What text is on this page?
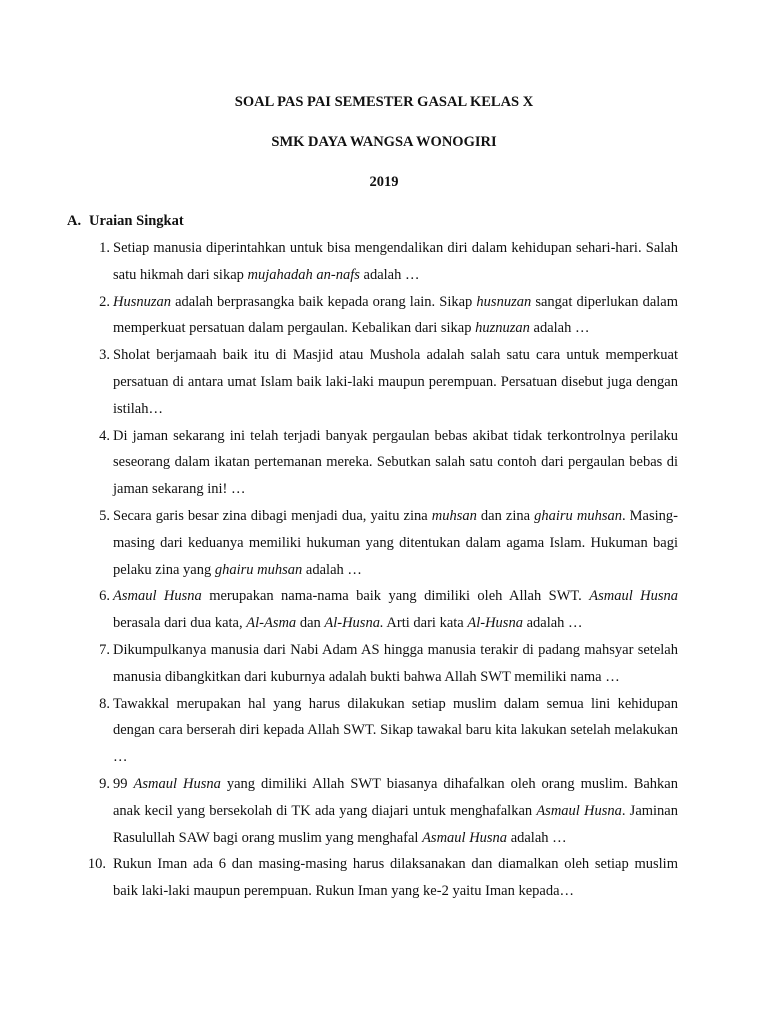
SOAL PAS PAI SEMESTER GASAL KELAS X
SMK DAYA WANGSA WONOGIRI
2019
A. Uraian Singkat
1. Setiap manusia diperintahkan untuk bisa mengendalikan diri dalam kehidupan sehari-hari. Salah satu hikmah dari sikap mujahadah an-nafs adalah …
2. Husnuzan adalah berprasangka baik kepada orang lain. Sikap husnuzan sangat diperlukan dalam memperkuat persatuan dalam pergaulan. Kebalikan dari sikap huznuzan adalah …
3. Sholat berjamaah baik itu di Masjid atau Mushola adalah salah satu cara untuk memperkuat persatuan di antara umat Islam baik laki-laki maupun perempuan. Persatuan disebut juga dengan istilah…
4. Di jaman sekarang ini telah terjadi banyak pergaulan bebas akibat tidak terkontrolnya perilaku seseorang dalam ikatan pertemanan mereka. Sebutkan salah satu contoh dari pergaulan bebas di jaman sekarang ini! …
5. Secara garis besar zina dibagi menjadi dua, yaitu zina muhsan dan zina ghairu muhsan. Masing-masing dari keduanya memiliki hukuman yang ditentukan dalam agama Islam. Hukuman bagi pelaku zina yang ghairu muhsan adalah …
6. Asmaul Husna merupakan nama-nama baik yang dimiliki oleh Allah SWT. Asmaul Husna berasala dari dua kata, Al-Asma dan Al-Husna. Arti dari kata Al-Husna adalah …
7. Dikumpulkanya manusia dari Nabi Adam AS hingga manusia terakir di padang mahsyar setelah manusia dibangkitkan dari kuburnya adalah bukti bahwa Allah SWT memiliki nama …
8. Tawakkal merupakan hal yang harus dilakukan setiap muslim dalam semua lini kehidupan dengan cara berserah diri kepada Allah SWT. Sikap tawakal baru kita lakukan setelah melakukan …
9. 99 Asmaul Husna yang dimiliki Allah SWT biasanya dihafalkan oleh orang muslim. Bahkan anak kecil yang bersekolah di TK ada yang diajari untuk menghafalkan Asmaul Husna. Jaminan Rasulullah SAW bagi orang muslim yang menghafal Asmaul Husna adalah …
10. Rukun Iman ada 6 dan masing-masing harus dilaksanakan dan diamalkan oleh setiap muslim baik laki-laki maupun perempuan. Rukun Iman yang ke-2 yaitu Iman kepada…
